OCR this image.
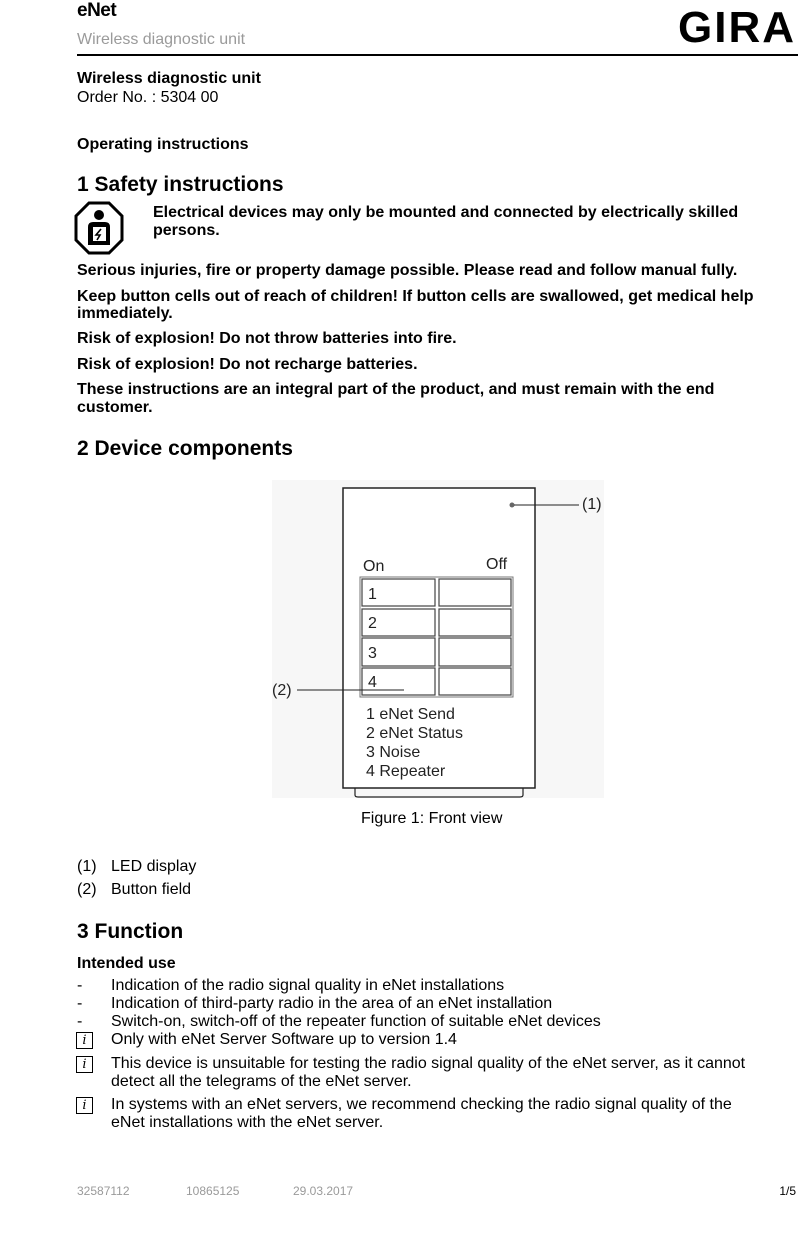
eNet
Wireless diagnostic unit	GIRA
Wireless diagnostic unit
Order No. : 5304 00
Operating instructions
1 Safety instructions
Electrical devices may only be mounted and connected by electrically skilled
persons.
Serious injuries, fire or property damage possible. Please read and follow manual fully.
Keep button cells out of reach of children! If button cells are swallowed, get medical help
immediately.
Risk of explosion! Do not throw batteries into fire.
Risk of explosion! Do not recharge batteries.
These instructions are an integral part of the product, and must remain with the end
customer.
2 Device components
(1)
On	Off
1
2
3
4
(2)
1 eNet Send
2 eNet Status
3 Noise
4 Repeater
Figure 1: Front view
(1) LED display
(2) Button field
3 Function
Intended use
- Indication of the radio signal quality in eNet installations
- Indication of third-party radio in the area of an eNet installation
- Switch-on, switch-off of the repeater function of suitable eNet devices
i	Only with eNet Server Software up to version 1.4
i	This device is unsuitable for testing the radio signal quality of the eNet server, as it cannot
detect all the telegrams of the eNet server.
i	In systems with an eNet servers, we recommend checking the radio signal quality of the
eNet installations with the eNet server.
32587112	10865125	29.03.2017	1/5
